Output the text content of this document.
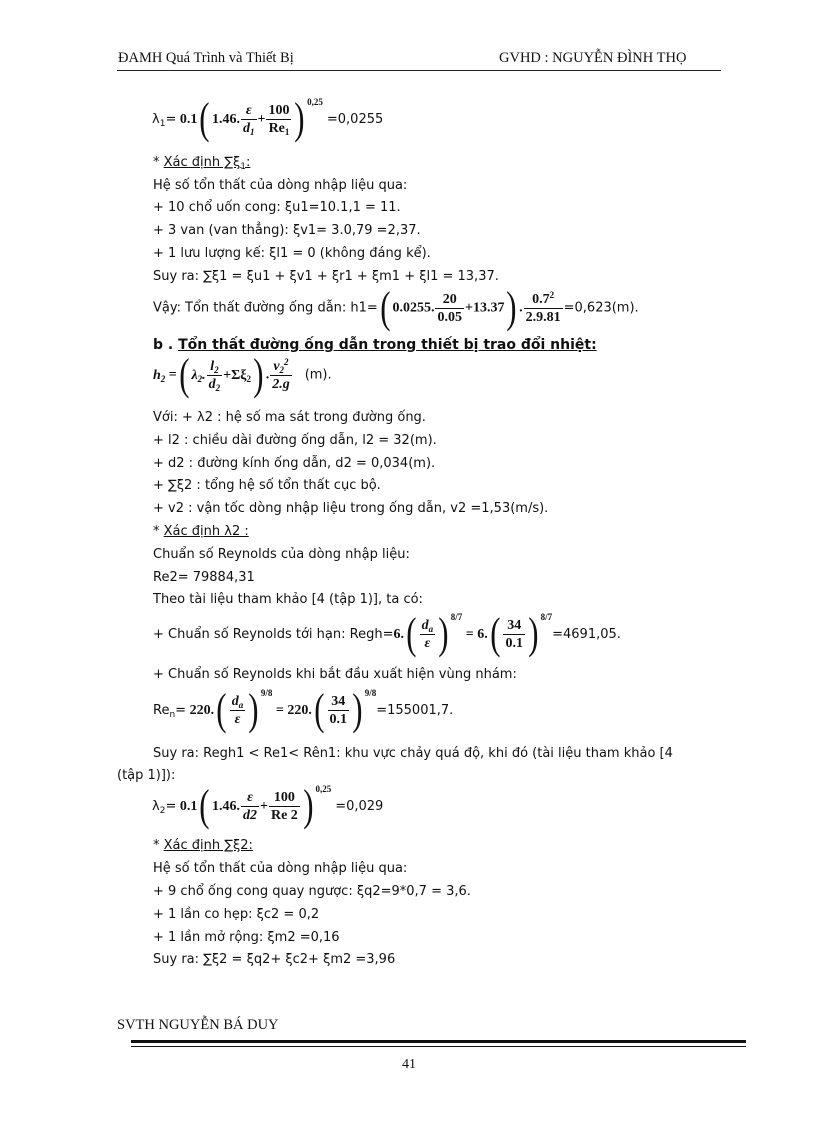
ĐAMH Quá Trình và Thiết Bị	GVHD : NGUYỄN ĐÌNH THỌ
$\lambda_1= 0.1$( 1.46. $\frac{\varepsilon}{d_1} + \frac{100}{Re_1}$ ) $^{0,25}$ =0,0255
* Xác định $\sum\xi_1$:
Hệ số tổn thất của dòng nhập liệu qua:
+ 10 chổ uốn cong: ξu1=10.1,1 = 11.
+ 3 van (van thẳng): ξv1= 3.0,79 =2,37.
+ 1 lưu lượng kế: ξl1 = 0 (không đáng kể).
Suy ra: ∑ξ1 = ξu1 + ξv1 + ξr1 + ξm1 + ξl1 = 13,37.
Vậy: Tổn thất đường ống dẫn: h1=( 0.0255. $\frac{20}{0.05} +13.37$) . $\frac{0.7^2}{2.9.81} =0,623(m)$.
b . Tổn thất đường ống dẫn trong thiết bị trao đổi nhiệt:
$h_2$ =( $\lambda_2$. $\frac{l_2}{d_2} +\Sigma\xi_2$) . $\frac{v_2^2}{2.g} (m)$.
Với: + λ2 : hệ số ma sát trong đường ống.
+ l2 : chiều dài đường ống dẫn, l2 = 32(m).
+ d2 : đường kính ống dẫn, d2 = 0,034(m).
+ ∑ξ2 : tổng hệ số tổn thất cục bộ.
+ v2 : vận tốc dòng nhập liệu trong ống dẫn, v2 =1,53(m/s).
* Xác định λ2 :
Chuẩn số Reynolds của dòng nhập liệu:
Re2= 79884,31
Theo tài liệu tham khảo [4 (tập 1)], ta có:
+ Chuẩn số Reynolds tới hạn: Regh=6.( $\frac{d_a}{\varepsilon}$ ) $^{8/7} = 6.( \frac{34}{0.1}$ ) $^{8/7}$=4691,05.
+ Chuẩn số Reynolds khi bắt đầu xuất hiện vùng nhám:
$Re_n= 220.( \frac{d_a}{\varepsilon}$ ) $^{9/8} = 220.( \frac{34}{0.1}$ ) $^{9/8}$=155001,7.
Suy ra: Regh1 < Re1< Rên1: khu vực chảy quá độ, khi đó (tài liệu tham khảo [4
(tập 1)]):
$\lambda_2= 0.1$( 1.46. $\frac{\varepsilon}{d2} + \frac{100}{Re 2}$ ) $^{0,25}$ =0,029
* Xác định ∑ξ2:
Hệ số tổn thất của dòng nhập liệu qua:
+ 9 chổ ống cong quay ngược: ξq2=9*0,7 = 3,6.
+ 1 lần co hẹp: ξc2 = 0,2
+ 1 lần mở rộng: ξm2 =0,16
Suy ra: ∑ξ2 = ξq2+ ξc2+ ξm2 =3,96
SVTH NGUYỄN BÁ DUY
41
